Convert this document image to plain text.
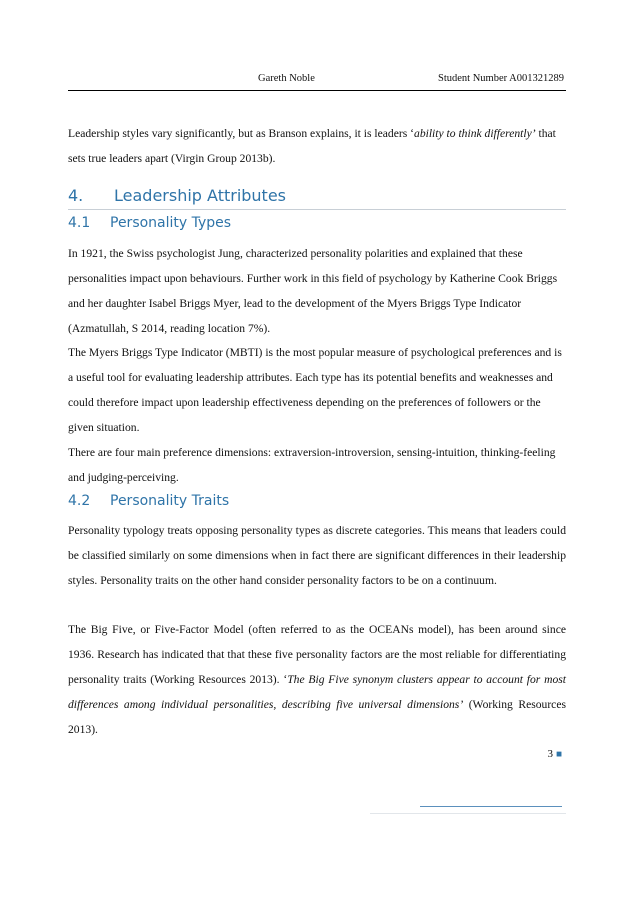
Gareth Noble	Student Number A001321289

Leadership styles vary significantly, but as Branson explains, it is leaders ‘ability to think differently’ that sets true leaders apart (Virgin Group 2013b).

4. Leadership Attributes
4.1 Personality Types

In 1921, the Swiss psychologist Jung, characterized personality polarities and explained that these personalities impact upon behaviours. Further work in this field of psychology by Katherine Cook Briggs and her daughter Isabel Briggs Myer, lead to the development of the Myers Briggs Type Indicator (Azmatullah, S 2014, reading location 7%).

The Myers Briggs Type Indicator (MBTI) is the most popular measure of psychological preferences and is a useful tool for evaluating leadership attributes. Each type has its potential benefits and weaknesses and could therefore impact upon leadership effectiveness depending on the preferences of followers or the given situation.

There are four main preference dimensions: extraversion-introversion, sensing-intuition, thinking-feeling and judging-perceiving.

4.2 Personality Traits

Personality typology treats opposing personality types as discrete categories. This means that leaders could be classified similarly on some dimensions when in fact there are significant differences in their leadership styles. Personality traits on the other hand consider personality factors to be on a continuum.

The Big Five, or Five-Factor Model (often referred to as the OCEANs model), has been around since 1936. Research has indicated that that these five personality factors are the most reliable for differentiating personality traits (Working Resources 2013). ‘The Big Five synonym clusters appear to account for most differences among individual personalities, describing five universal dimensions’ (Working Resources 2013).

3 ■
